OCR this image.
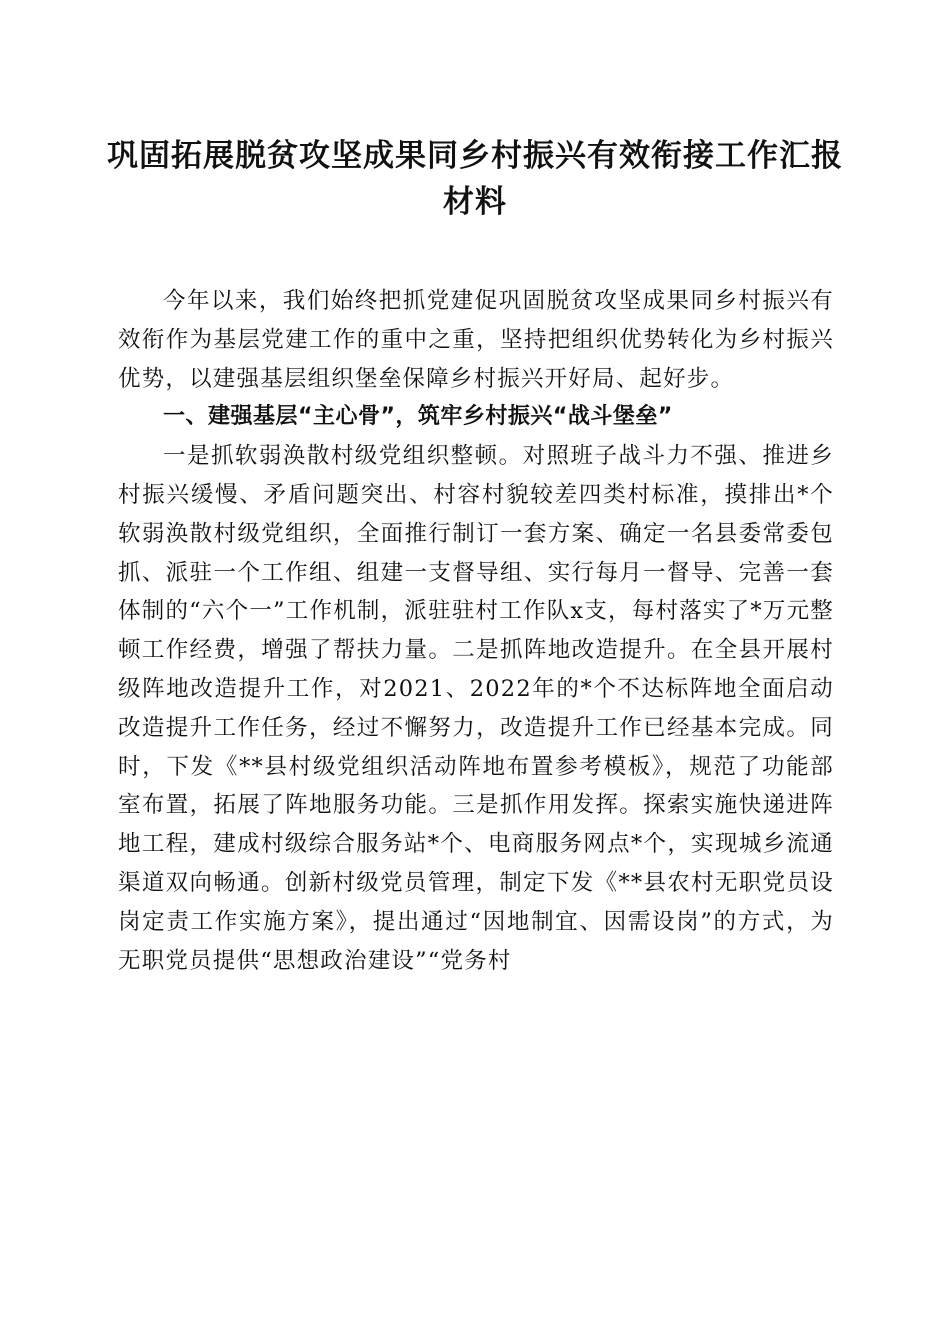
巩固拓展脱贫攻坚成果同乡村振兴有效衔接工作汇报材料

今年以来，我们始终把抓党建促巩固脱贫攻坚成果同乡村振兴有效衔作为基层党建工作的重中之重，坚持把组织优势转化为乡村振兴优势，以建强基层组织堡垒保障乡村振兴开好局、起好步。

一、建强基层“主心骨”，筑牢乡村振兴“战斗堡垒”

一是抓软弱涣散村级党组织整顿。对照班子战斗力不强、推进乡村振兴缓慢、矛盾问题突出、村容村貌较差四类村标准，摸排出*个软弱涣散村级党组织，全面推行制订一套方案、确定一名县委常委包抓、派驻一个工作组、组建一支督导组、实行每月一督导、完善一套体制的“六个一”工作机制，派驻驻村工作队x支，每村落实了*万元整顿工作经费，增强了帮扶力量。二是抓阵地改造提升。在全县开展村级阵地改造提升工作，对2021、2022年的*个不达标阵地全面启动改造提升工作任务，经过不懈努力，改造提升工作已经基本完成。同时，下发《**县村级党组织活动阵地布置参考模板》，规范了功能部室布置，拓展了阵地服务功能。三是抓作用发挥。探索实施快递进阵地工程，建成村级综合服务站*个、电商服务网点*个，实现城乡流通渠道双向畅通。创新村级党员管理，制定下发《**县农村无职党员设岗定责工作实施方案》，提出通过“因地制宜、因需设岗”的方式，为无职党员提供“思想政治建设”“党务村
